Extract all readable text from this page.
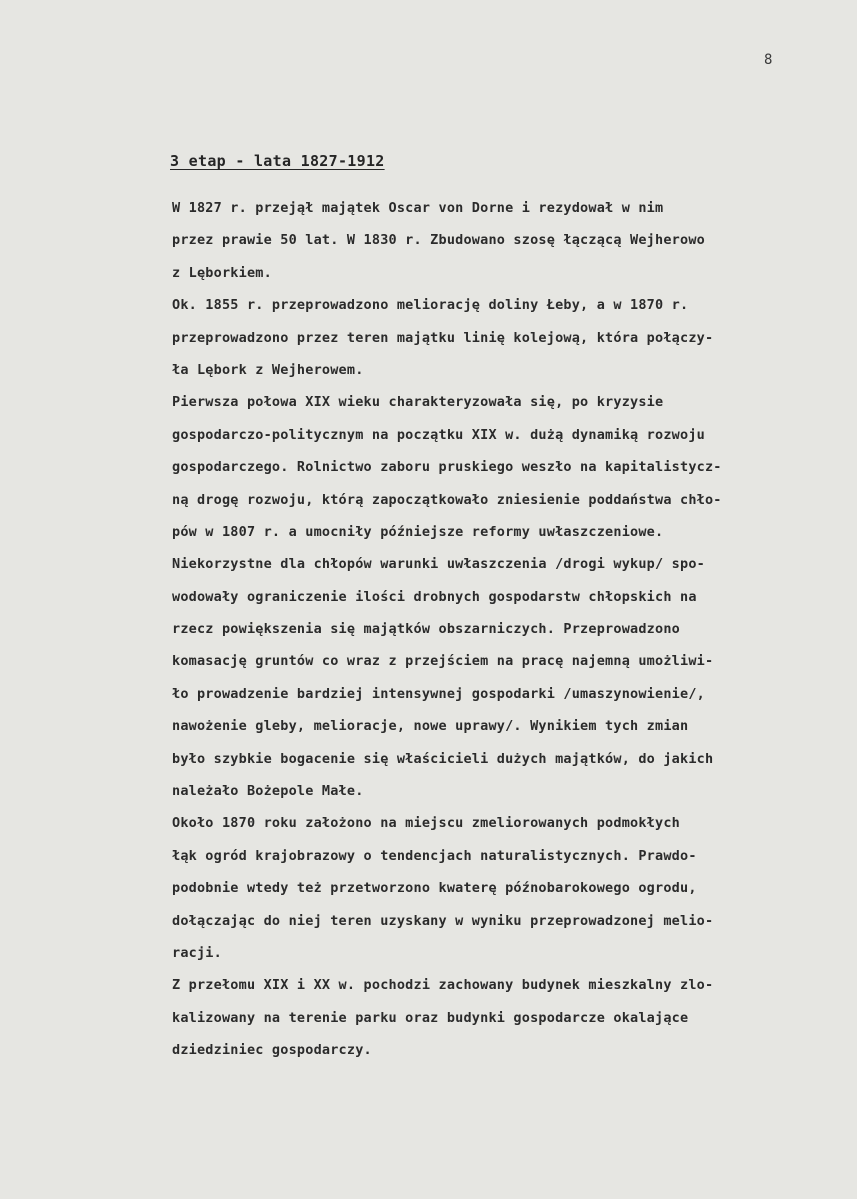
8
3 etap - lata 1827-1912
W 1827 r. przejął majątek Oscar von Dorne i rezydował w nim
przez prawie 50 lat. W 1830 r. Zbudowano szosę łączącą Wejherowo
z Lęborkiem.
Ok. 1855 r. przeprowadzono meliorację doliny Łeby, a w 1870 r.
przeprowadzono przez teren majątku linię kolejową, która połączy-
ła Lębork z Wejherowem.
Pierwsza połowa XIX wieku charakteryzowała się, po kryzysie
gospodarczo-politycznym na początku XIX w. dużą dynamiką rozwoju
gospodarczego. Rolnictwo zaboru pruskiego weszło na kapitalistycz-
ną drogę rozwoju, którą zapoczątkowało zniesienie poddaństwa chło-
pów w 1807 r. a umocniły późniejsze reformy uwłaszczeniowe.
Niekorzystne dla chłopów warunki uwłaszczenia /drogi wykup/ spo-
wodowały ograniczenie ilości drobnych gospodarstw chłopskich na
rzecz powiększenia się majątków obszarniczych. Przeprowadzono
komasację gruntów co wraz z przejściem na pracę najemną umożliwi-
ło prowadzenie bardziej intensywnej gospodarki /umaszynowienie/,
nawożenie gleby, melioracje, nowe uprawy/. Wynikiem tych zmian
było szybkie bogacenie się właścicieli dużych majątków, do jakich
należało Bożepole Małe.
Około 1870 roku założono na miejscu zmeliorowanych podmokłych
łąk ogród krajobrazowy o tendencjach naturalistycznych. Prawdo-
podobnie wtedy też przetworzono kwaterę późnobarokowego ogrodu,
dołączając do niej teren uzyskany w wyniku przeprowadzonej melio-
racji.
Z przełomu XIX i XX w. pochodzi zachowany budynek mieszkalny zlo-
kalizowany na terenie parku oraz budynki gospodarcze okalające
dziedziniec gospodarczy.
